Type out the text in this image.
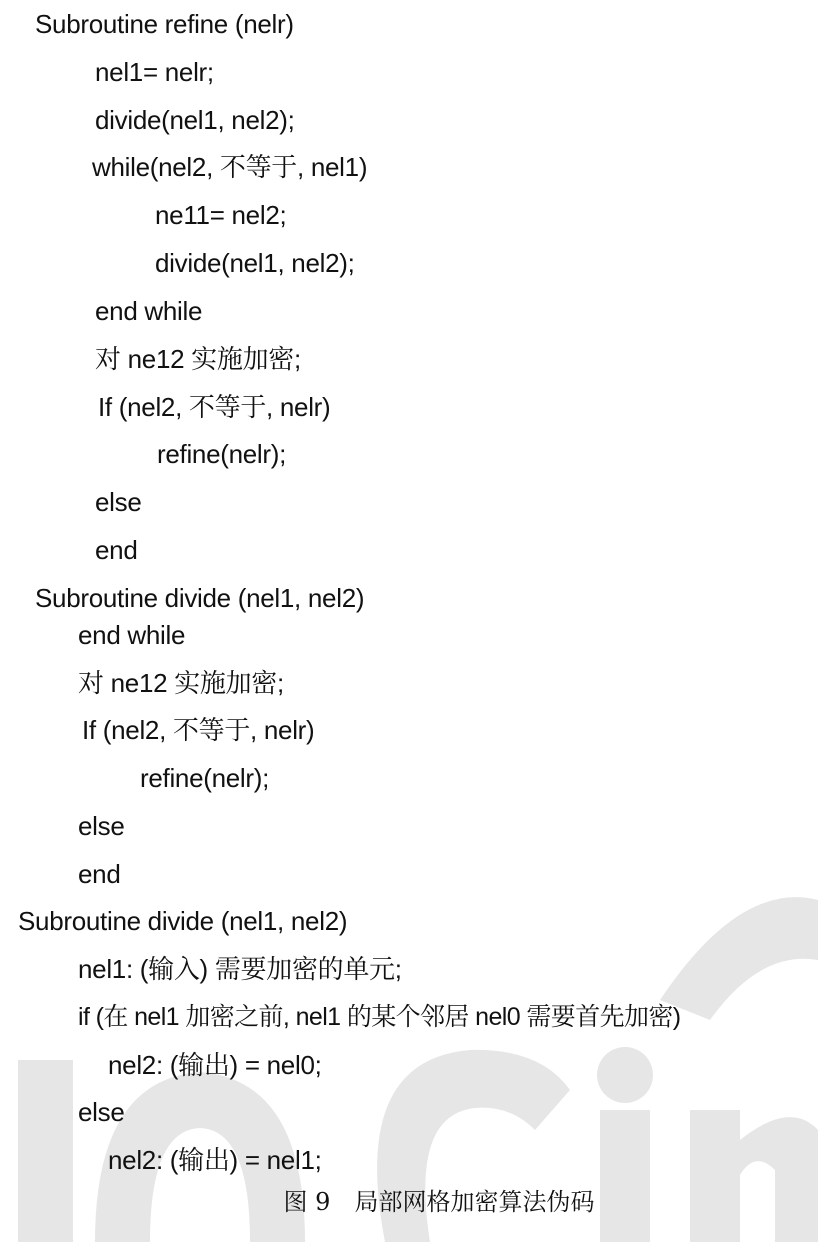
Subroutine refine (nelr)
nel1= nelr;
divide(nel1, nel2);
while(nel2, 不等于, nel1)
ne11= nel2;
divide(nel1, nel2);
end while
对 ne12 实施加密;
If (nel2, 不等于, nelr)
refine(nelr);
else
end
Subroutine divide (nel1, nel2)
end while
对 ne12 实施加密;
If (nel2, 不等于, nelr)
refine(nelr);
else
end
Subroutine divide (nel1, nel2)
nel1: (输入) 需要加密的单元;
if (在 nel1 加密之前, nel1 的某个邻居 nel0 需要首先加密)
nel2: (输出) = nel0;
else
nel2: (输出) = nel1;
图 9　局部网格加密算法伪码
